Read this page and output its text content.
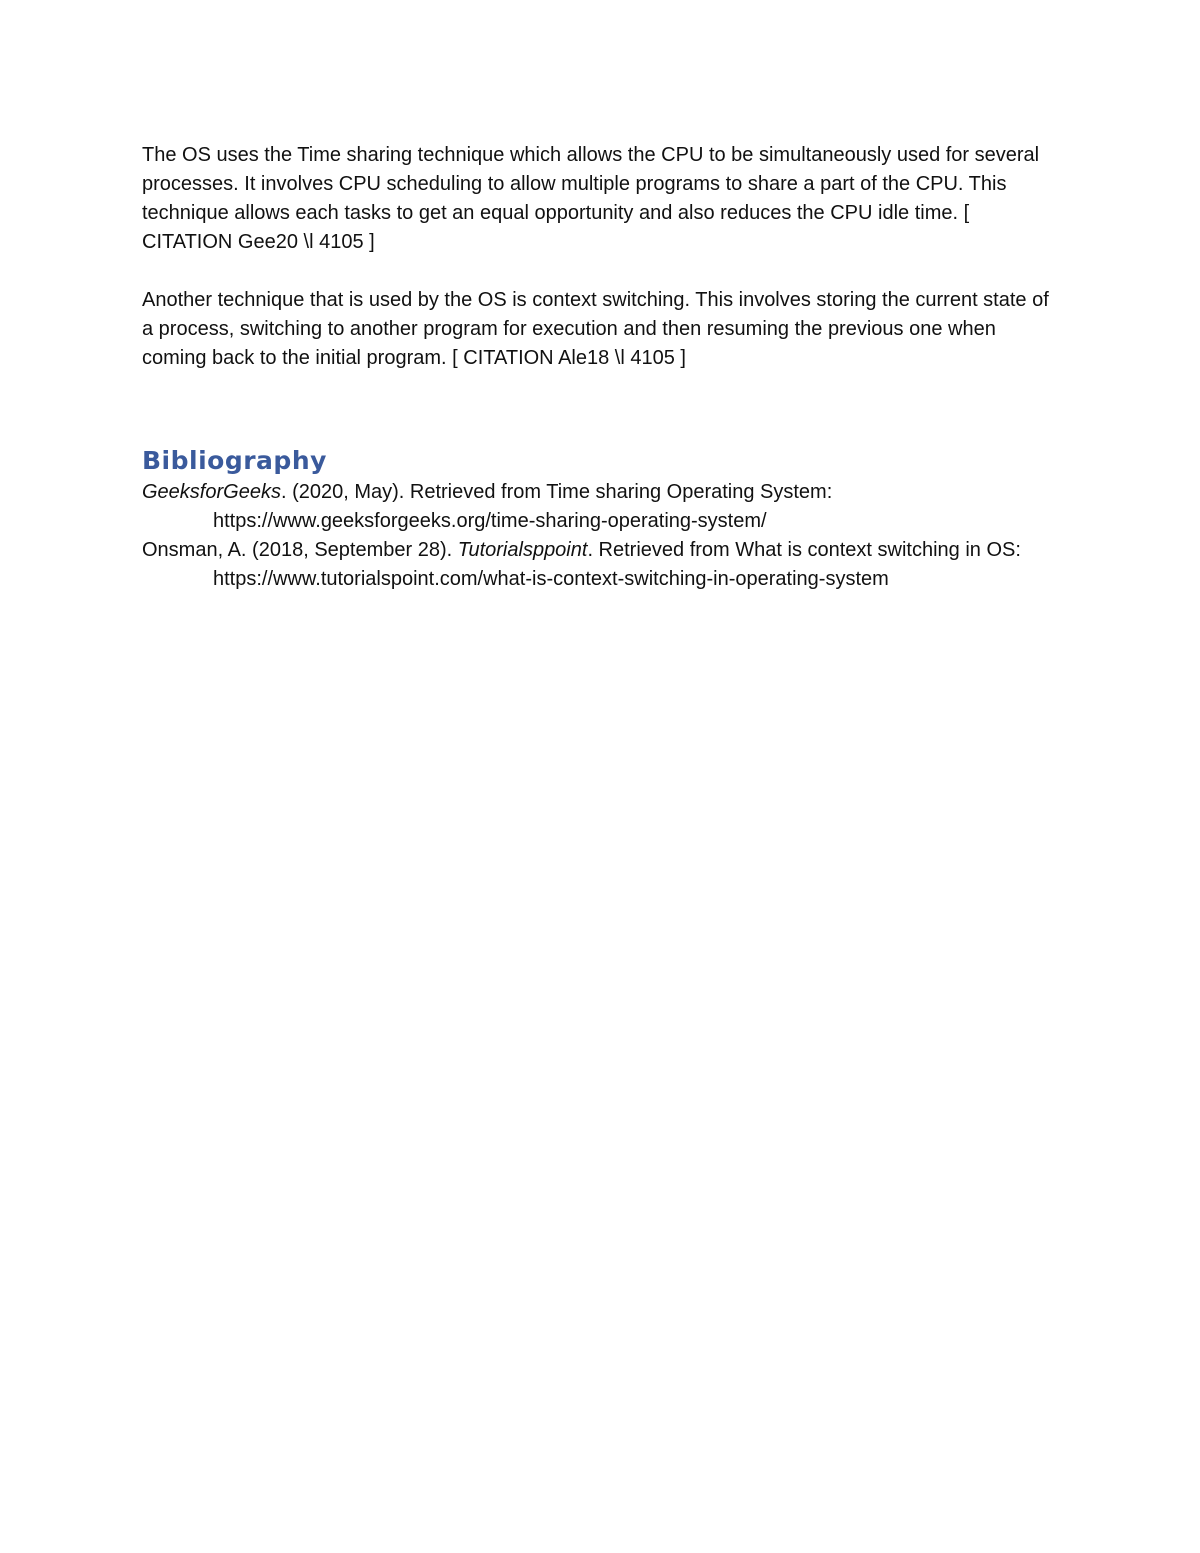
The OS uses the Time sharing technique which allows the CPU to be simultaneously used for several processes. It involves CPU scheduling to allow multiple programs to share a part of the CPU. This technique allows each tasks to get an equal opportunity and also reduces the CPU idle time. [ CITATION Gee20 \l 4105 ]

Another technique that is used by the OS is context switching. This involves storing the current state of a process, switching to another program for execution and then resuming the previous one when coming back to the initial program. [ CITATION Ale18 \l 4105 ]

Bibliography
GeeksforGeeks. (2020, May). Retrieved from Time sharing Operating System: https://www.geeksforgeeks.org/time-sharing-operating-system/
Onsman, A. (2018, September 28). Tutorialsppoint. Retrieved from What is context switching in OS: https://www.tutorialspoint.com/what-is-context-switching-in-operating-system
